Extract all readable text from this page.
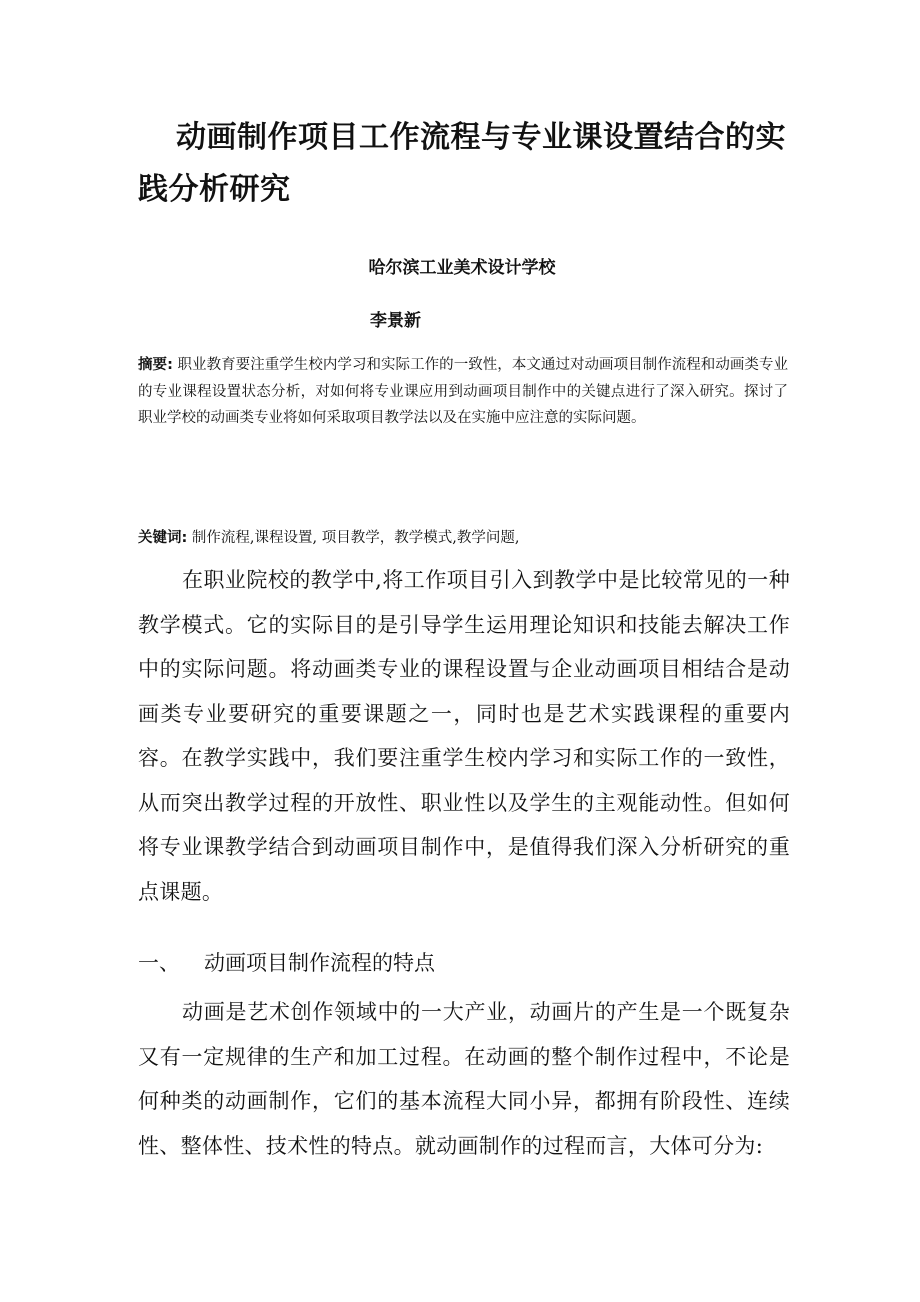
动画制作项目工作流程与专业课设置结合的实践分析研究
哈尔滨工业美术设计学校
李景新

摘要: 职业教育要注重学生校内学习和实际工作的一致性，本文通过对动画项目制作流程和动画类专业的专业课程设置状态分析，对如何将专业课应用到动画项目制作中的关键点进行了深入研究。探讨了职业学校的动画类专业将如何采取项目教学法以及在实施中应注意的实际问题。

关键词: 制作流程,课程设置, 项目教学，教学模式,教学问题,

在职业院校的教学中,将工作项目引入到教学中是比较常见的一种教学模式。它的实际目的是引导学生运用理论知识和技能去解决工作中的实际问题。将动画类专业的课程设置与企业动画项目相结合是动画类专业要研究的重要课题之一，同时也是艺术实践课程的重要内容。在教学实践中，我们要注重学生校内学习和实际工作的一致性，从而突出教学过程的开放性、职业性以及学生的主观能动性。但如何将专业课教学结合到动画项目制作中，是值得我们深入分析研究的重点课题。

一、 动画项目制作流程的特点

动画是艺术创作领域中的一大产业，动画片的产生是一个既复杂又有一定规律的生产和加工过程。在动画的整个制作过程中，不论是何种类的动画制作，它们的基本流程大同小异，都拥有阶段性、连续性、整体性、技术性的特点。就动画制作的过程而言，大体可分为:
